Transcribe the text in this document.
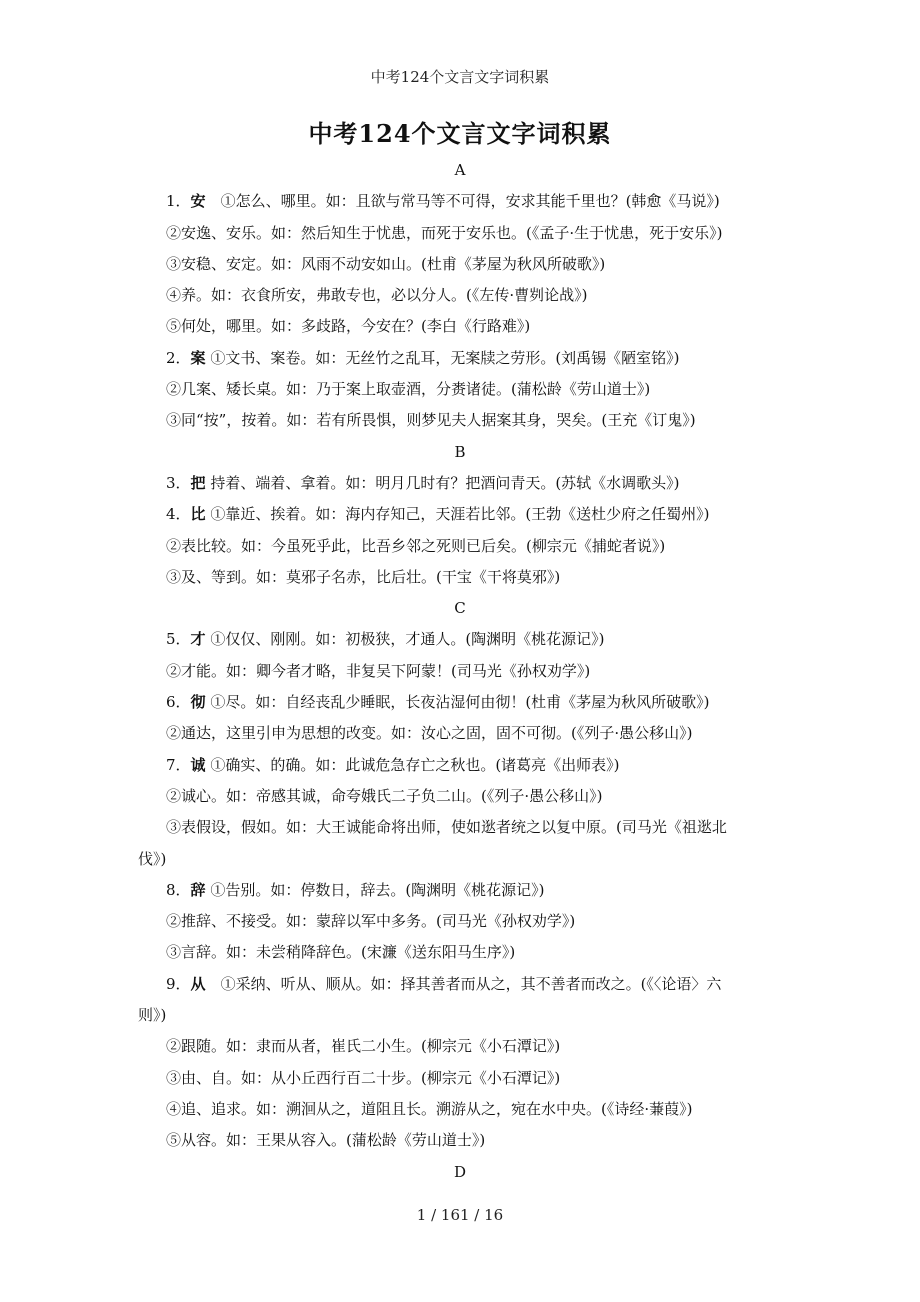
中考124个文言文字词积累
中考124个文言文字词积累
A
1．安　①怎么、哪里。如：且欲与常马等不可得，安求其能千里也？(韩愈《马说》)
②安逸、安乐。如：然后知生于忧患，而死于安乐也。(《孟子·生于忧患，死于安乐》)
③安稳、安定。如：风雨不动安如山。(杜甫《茅屋为秋风所破歌》)
④养。如：衣食所安，弗敢专也，必以分人。(《左传·曹刿论战》)
⑤何处，哪里。如：多歧路，今安在？(李白《行路难》)
2．案 ①文书、案卷。如：无丝竹之乱耳，无案牍之劳形。(刘禹锡《陋室铭》)
②几案、矮长桌。如：乃于案上取壶酒，分赉诸徒。(蒲松龄《劳山道士》)
③同“按”，按着。如：若有所畏惧，则梦见夫人据案其身，哭矣。(王充《订鬼》)
B
3．把 持着、端着、拿着。如：明月几时有？把酒问青天。(苏轼《水调歌头》)
4．比 ①靠近、挨着。如：海内存知己，天涯若比邻。(王勃《送杜少府之任蜀州》)
②表比较。如：今虽死乎此，比吾乡邻之死则已后矣。(柳宗元《捕蛇者说》)
③及、等到。如：莫邪子名赤，比后壮。(干宝《干将莫邪》)
C
5．才 ①仅仅、刚刚。如：初极狭，才通人。(陶渊明《桃花源记》)
②才能。如：卿今者才略，非复吴下阿蒙！(司马光《孙权劝学》)
6．彻 ①尽。如：自经丧乱少睡眠，长夜沾湿何由彻！(杜甫《茅屋为秋风所破歌》)
②通达，这里引申为思想的改变。如：汝心之固，固不可彻。(《列子·愚公移山》)
7．诚 ①确实、的确。如：此诚危急存亡之秋也。(诸葛亮《出师表》)
②诚心。如：帝感其诚，命夸娥氏二子负二山。(《列子·愚公移山》)
③表假设，假如。如：大王诚能命将出师，使如逖者统之以复中原。(司马光《祖逖北
伐》)
8．辞 ①告别。如：停数日，辞去。(陶渊明《桃花源记》)
②推辞、不接受。如：蒙辞以军中多务。(司马光《孙权劝学》)
③言辞。如：未尝稍降辞色。(宋濂《送东阳马生序》)
9．从　①采纳、听从、顺从。如：择其善者而从之，其不善者而改之。(《〈论语〉六
则》)
②跟随。如：隶而从者，崔氏二小生。(柳宗元《小石潭记》)
③由、自。如：从小丘西行百二十步。(柳宗元《小石潭记》)
④追、追求。如：溯洄从之，道阻且长。溯游从之，宛在水中央。(《诗经·蒹葭》)
⑤从容。如：王果从容入。(蒲松龄《劳山道士》)
D
1 / 161 / 16
